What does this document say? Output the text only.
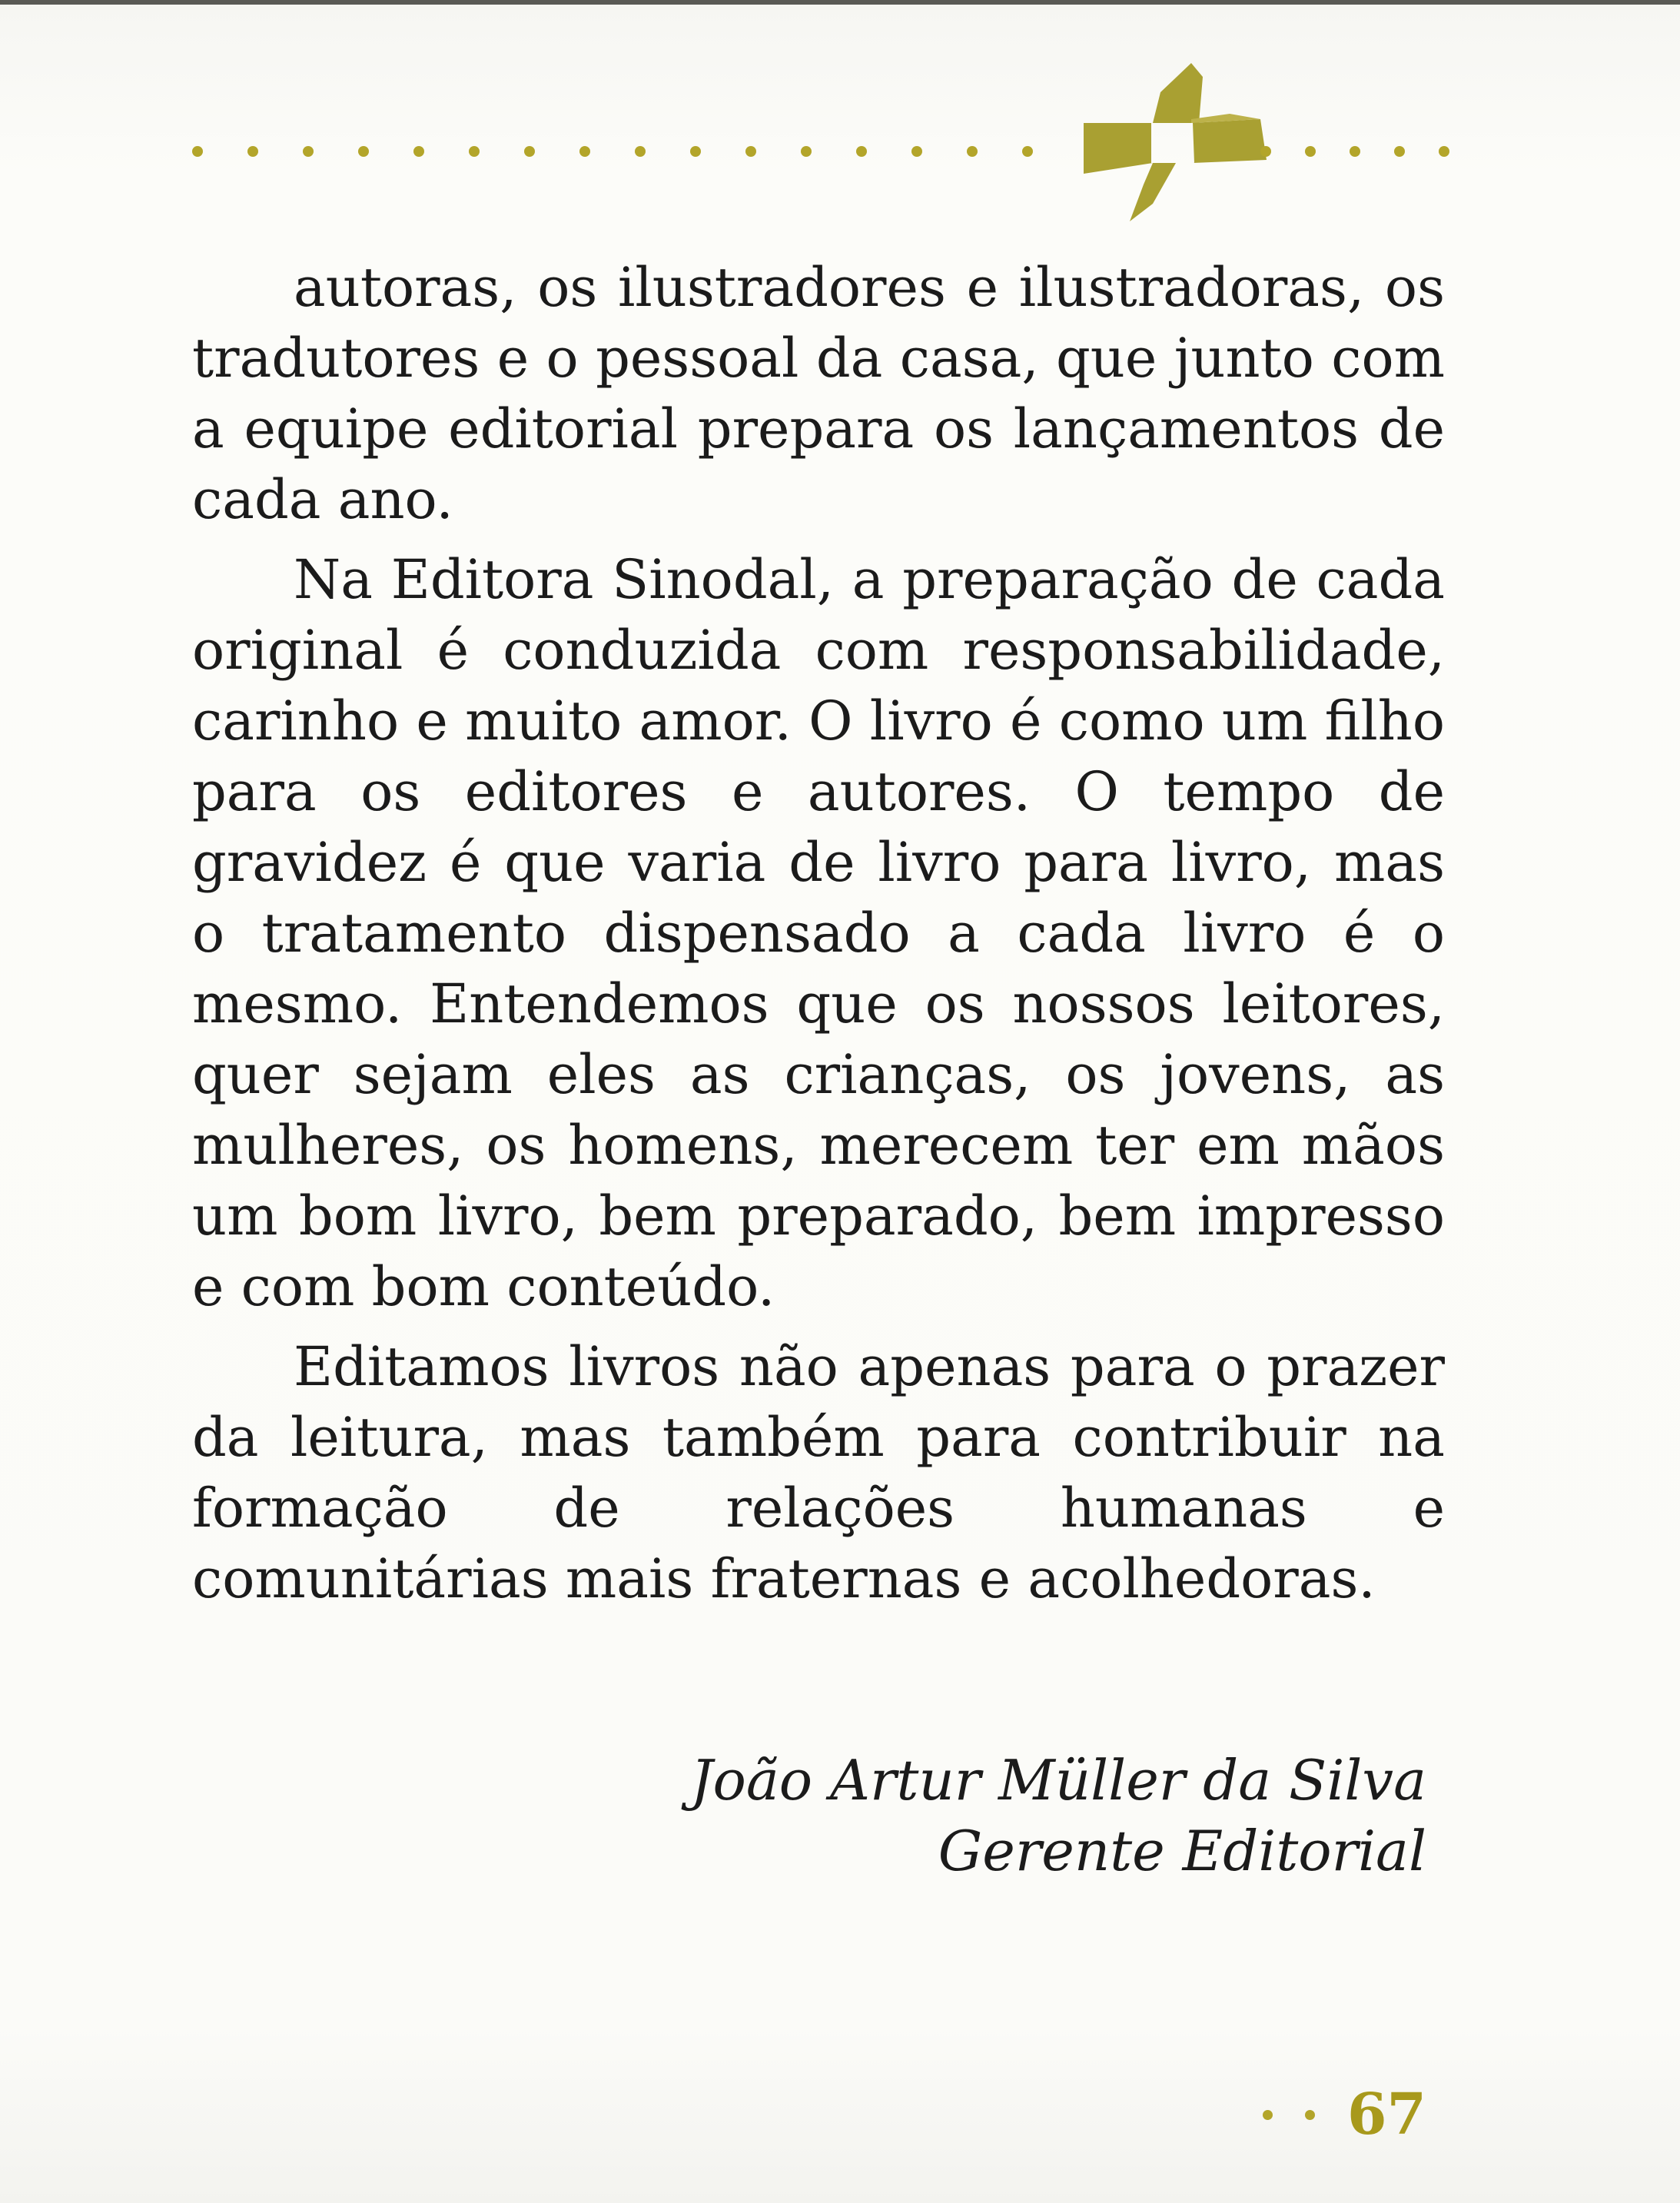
autoras, os ilustradores e ilustradoras, os tradutores e o pessoal da casa, que junto com a equipe editorial prepara os lançamentos de cada ano.

Na Editora Sinodal, a preparação de cada original é conduzida com responsabilidade, carinho e muito amor. O livro é como um filho para os editores e autores. O tempo de gravidez é que varia de livro para livro, mas o tratamento dispensado a cada livro é o mesmo. Entendemos que os nossos leitores, quer sejam eles as crianças, os jovens, as mulheres, os homens, merecem ter em mãos um bom livro, bem preparado, bem impresso e com bom conteúdo.

Editamos livros não apenas para o prazer da leitura, mas também para contribuir na formação de relações humanas e comunitárias mais fraternas e acolhedoras.

João Artur Müller da Silva
Gerente Editorial
67
